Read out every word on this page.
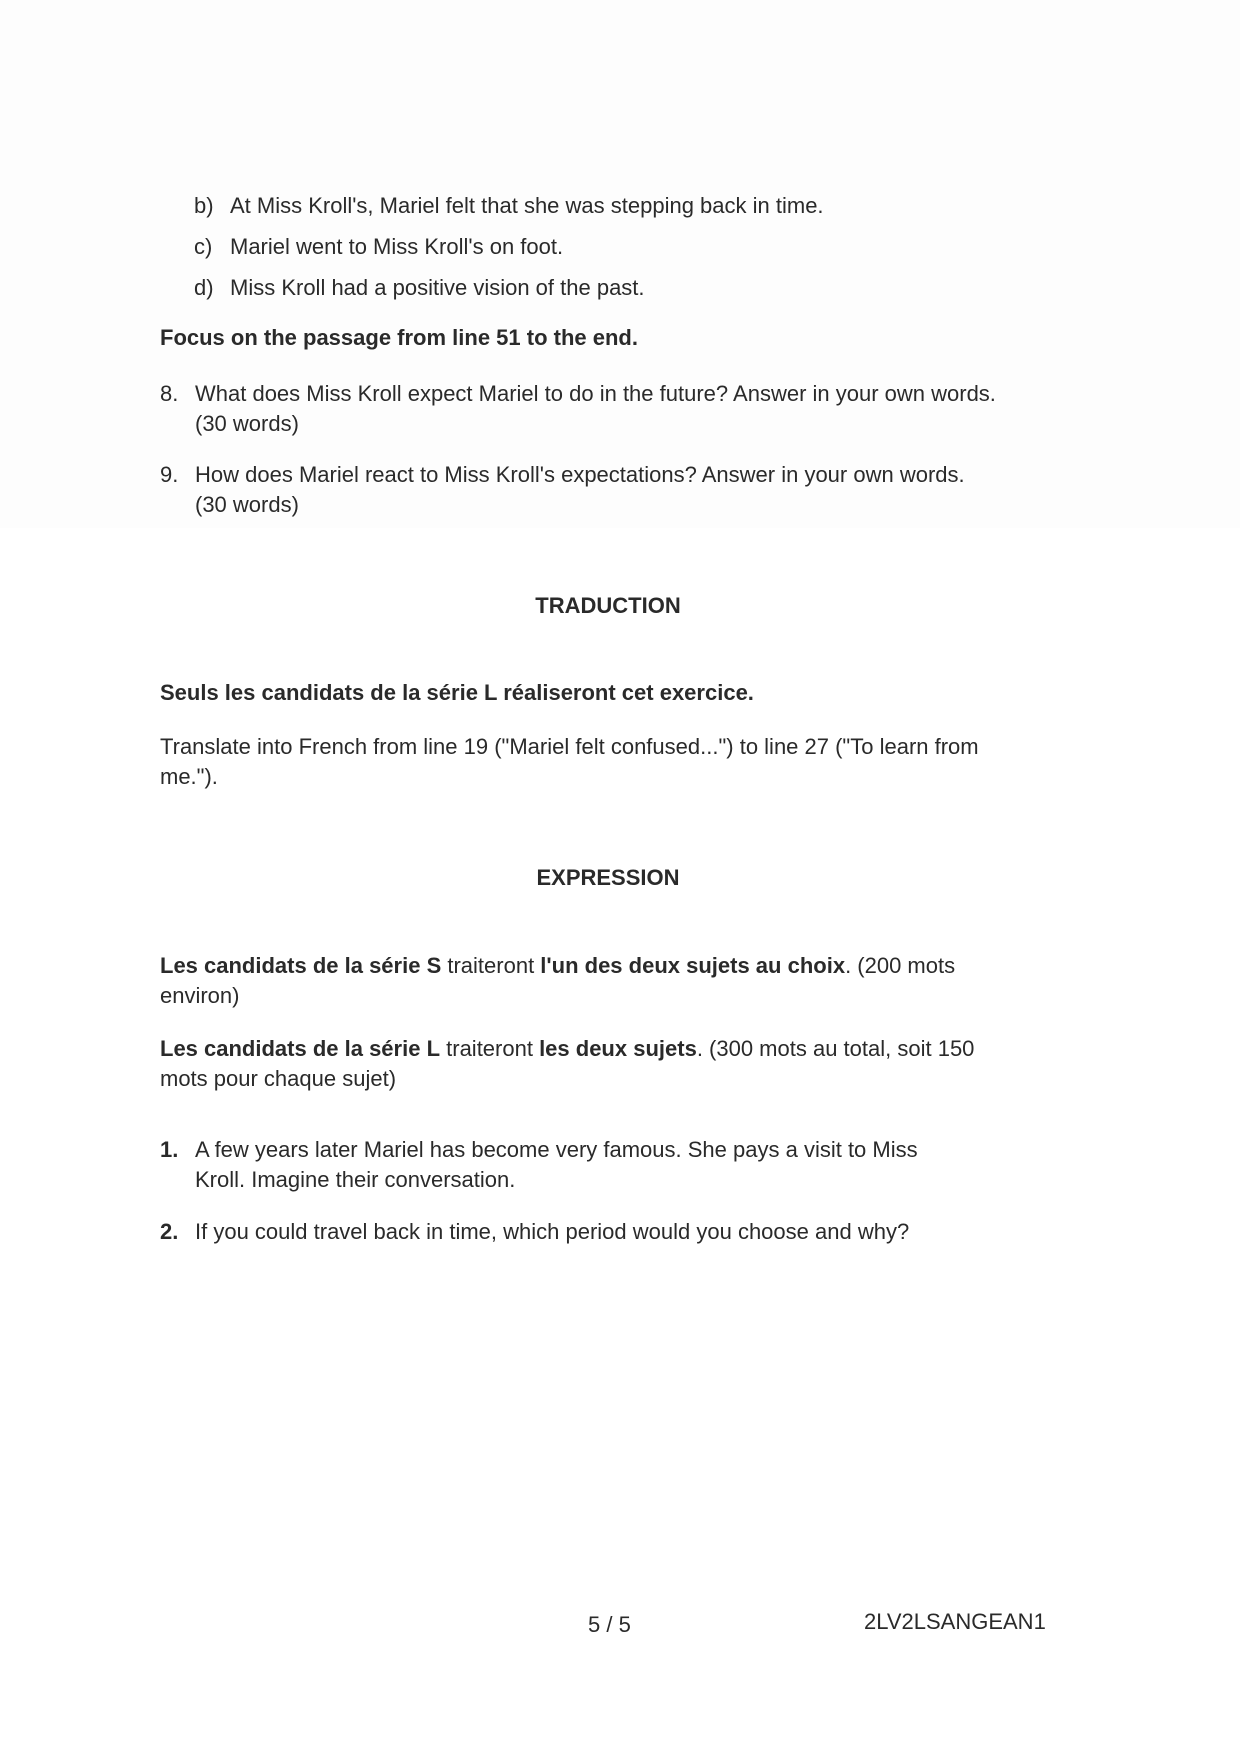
b) At Miss Kroll's, Mariel felt that she was stepping back in time.
c) Mariel went to Miss Kroll's on foot.
d) Miss Kroll had a positive vision of the past.
Focus on the passage from line 51 to the end.
8. What does Miss Kroll expect Mariel to do in the future? Answer in your own words.
(30 words)
9. How does Mariel react to Miss Kroll's expectations? Answer in your own words.
(30 words)
TRADUCTION
Seuls les candidats de la série L réaliseront cet exercice.
Translate into French from line 19 ("Mariel felt confused...") to line 27 ("To learn from
me.").
EXPRESSION
Les candidats de la série S traiteront l'un des deux sujets au choix. (200 mots
environ)
Les candidats de la série L traiteront les deux sujets. (300 mots au total, soit 150
mots pour chaque sujet)
1. A few years later Mariel has become very famous. She pays a visit to Miss
Kroll. Imagine their conversation.
2. If you could travel back in time, which period would you choose and why?
5 / 5	2LV2LSANGEAN1
